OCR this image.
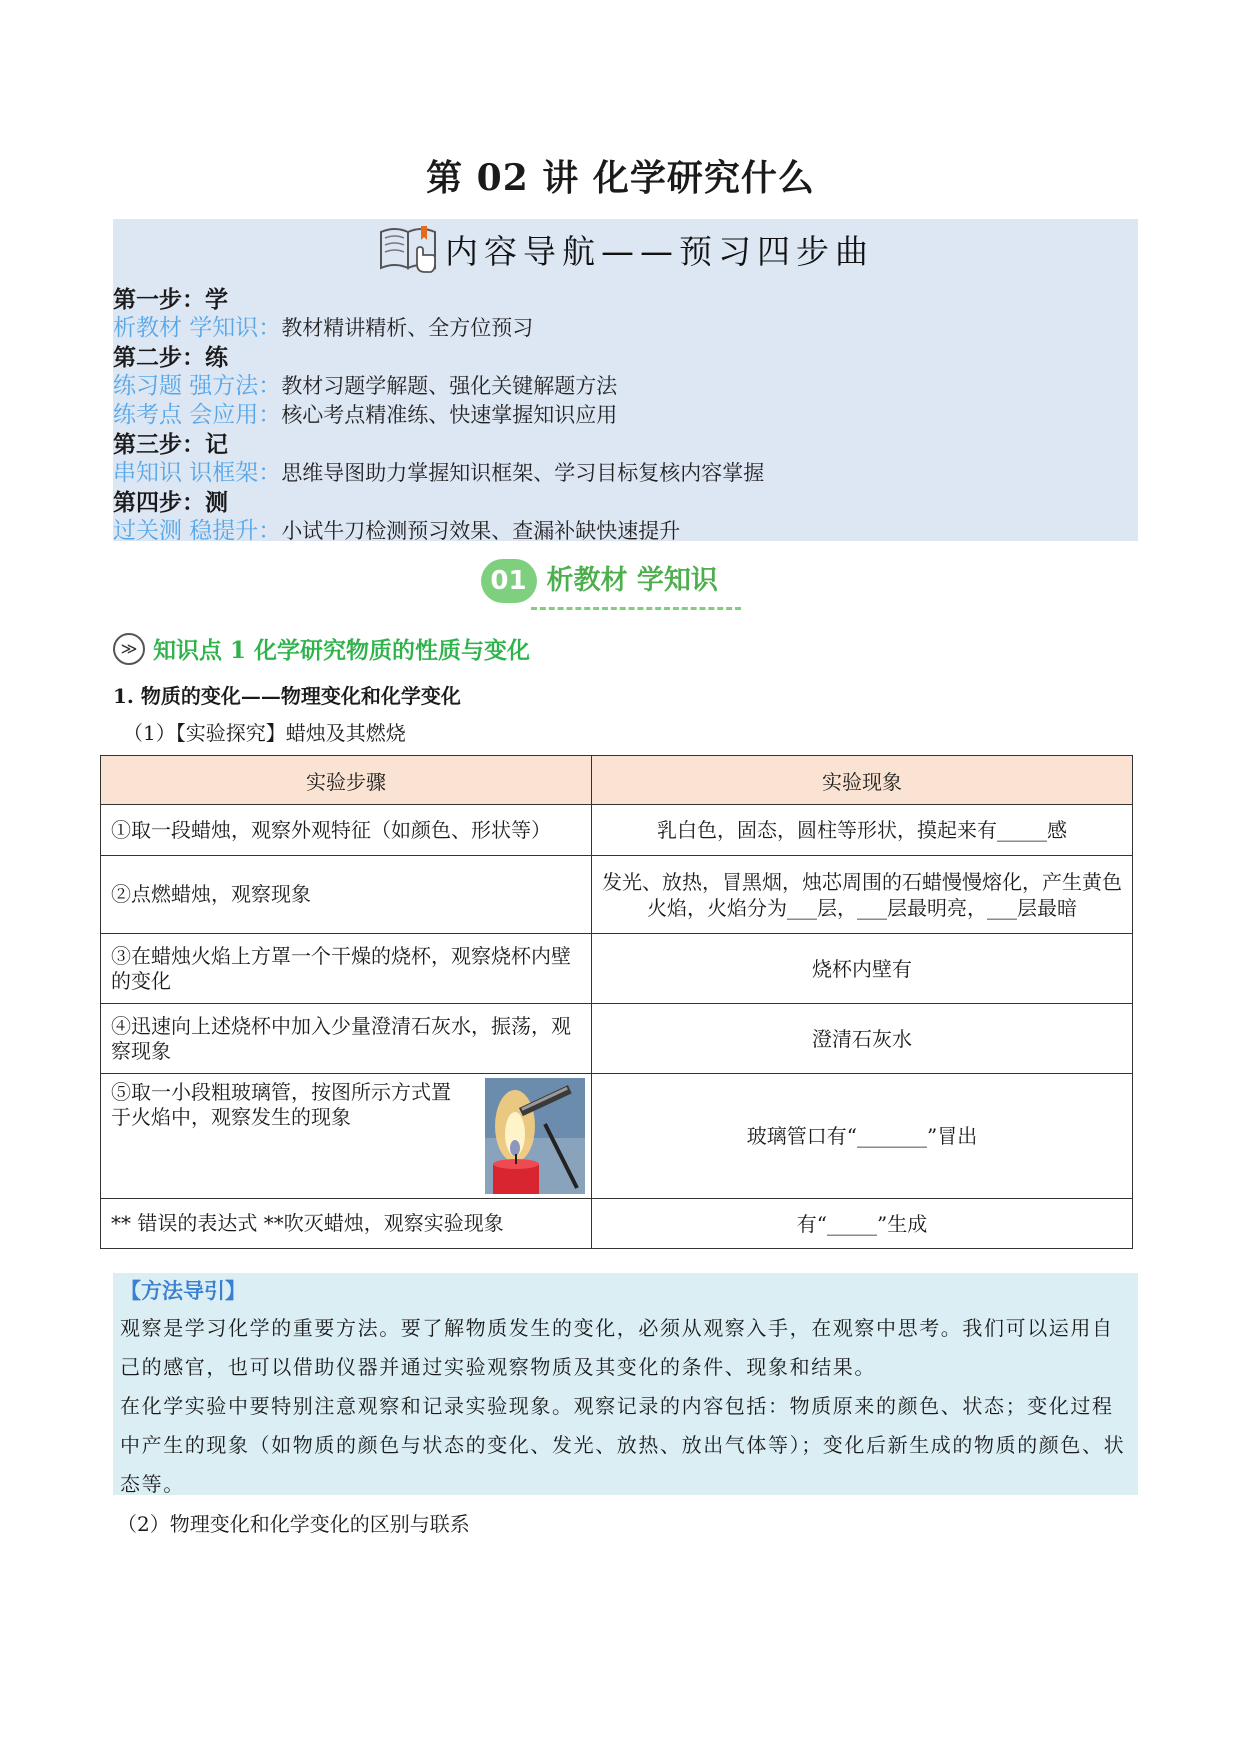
第 02 讲 化学研究什么
内容导航——预习四步曲
第一步：学
析教材 学知识：教材精讲精析、全方位预习
第二步：练
练习题 强方法：教材习题学解题、强化关键解题方法
练考点 会应用：核心考点精准练、快速掌握知识应用
第三步：记
串知识 识框架：思维导图助力掌握知识框架、学习目标复核内容掌握
第四步：测
过关测 稳提升：小试牛刀检测预习效果、查漏补缺快速提升
01 析教材 学知识
≫ 知识点 1 化学研究物质的性质与变化
1. 物质的变化——物理变化和化学变化
（1）【实验探究】蜡烛及其燃烧
实验步骤	实验现象
①取一段蜡烛，观察外观特征（如颜色、形状等）	乳白色，固态，圆柱等形状，摸起来有_____感
②点燃蜡烛，观察现象	发光、放热，冒黑烟，烛芯周围的石蜡慢慢熔化，产生黄色火焰，火焰分为___层，___层最明亮，___层最暗
③在蜡烛火焰上方罩一个干燥的烧杯，观察烧杯内壁的变化	烧杯内壁有
④迅速向上述烧杯中加入少量澄清石灰水，振荡，观察现象	澄清石灰水

⑤取一小段粗玻璃管，按图所示方式置于火焰中，观察发生的现象	玻璃管口有“_______”冒出
** 错误的表达式 **吹灭蜡烛，观察实验现象	有“_____”生成
【方法导引】
观察是学习化学的重要方法。要了解物质发生的变化，必须从观察入手，在观察中思考。我们可以运用自己的感官，也可以借助仪器并通过实验观察物质及其变化的条件、现象和结果。
在化学实验中要特别注意观察和记录实验现象。观察记录的内容包括：物质原来的颜色、状态；变化过程中产生的现象（如物质的颜色与状态的变化、发光、放热、放出气体等）；变化后新生成的物质的颜色、状态等。
（2）物理变化和化学变化的区别与联系
